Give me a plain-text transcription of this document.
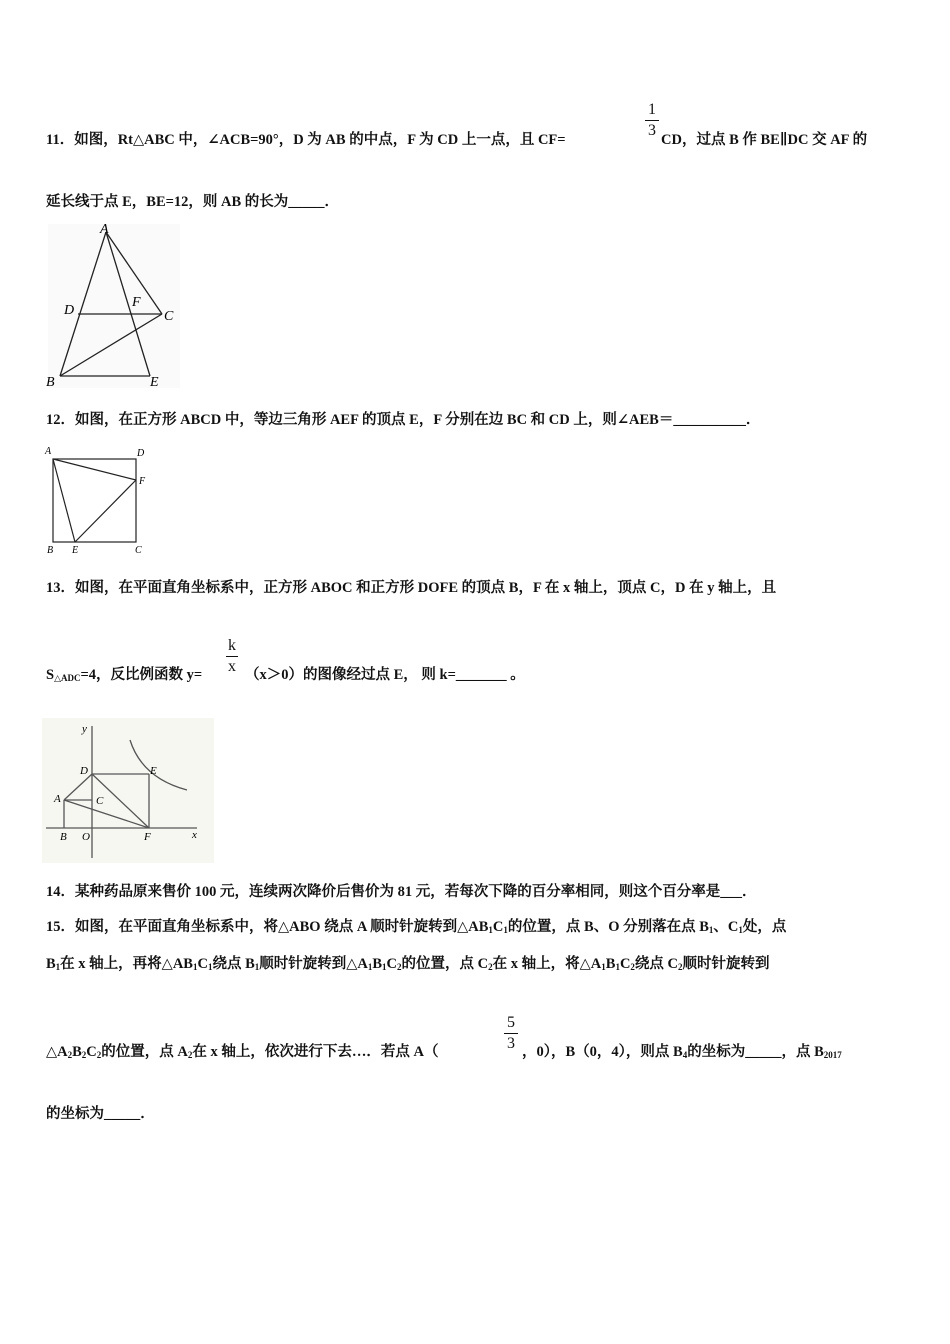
11．如图，Rt△ABC 中，∠ACB=90°，D 为 AB 的中点，F 为 CD 上一点，且 CF=
1
3
CD，过点 B 作 BE∥DC 交 AF 的
延长线于点 E，BE=12，则 AB 的长为_____．
A
D
F
C
B	E
12．如图，在正方形 ABCD 中，等边三角形 AEF 的顶点 E，F 分别在边 BC 和 CD 上，则∠AEB＝__________．
A	D
F
B E	C
13．如图，在平面直角坐标系中，正方形 ABOC 和正方形 DOFE 的顶点 B，F 在 x 轴上，顶点 C，D 在 y 轴上，且
$S_{\triangle ADC}=4$，反比例函数 y=
k
x （x＞0）的图像经过点 E， 则 k=_______ 。
y
D	E
A	C
B O	F	x
14．某种药品原来售价 100 元，连续两次降价后售价为 81 元，若每次下降的百分率相同，则这个百分率是___．
15．如图，在平面直角坐标系中，将△ABO 绕点 A 顺时针旋转到$\triangle AB_1C_1$的位置，点 B、O 分别落在点 $B_1$、$C_1$处，点
$B_1$在 x 轴上，再将$\triangle AB_1C_1$绕点 $B_1$顺时针旋转到$\triangle A_1B_1C_2$的位置，点 $C_2$在 x 轴上，将$\triangle A_1B_1C_2$绕点 $C_2$顺时针旋转到
$\triangle A_2B_2C_2$的位置，点 $A_2$在 x 轴上，依次进行下去…．若点 A（
5
3 ，0），B（0，4），则点 $B_4$的坐标为_____，点 $B_{2017}$
的坐标为_____．
